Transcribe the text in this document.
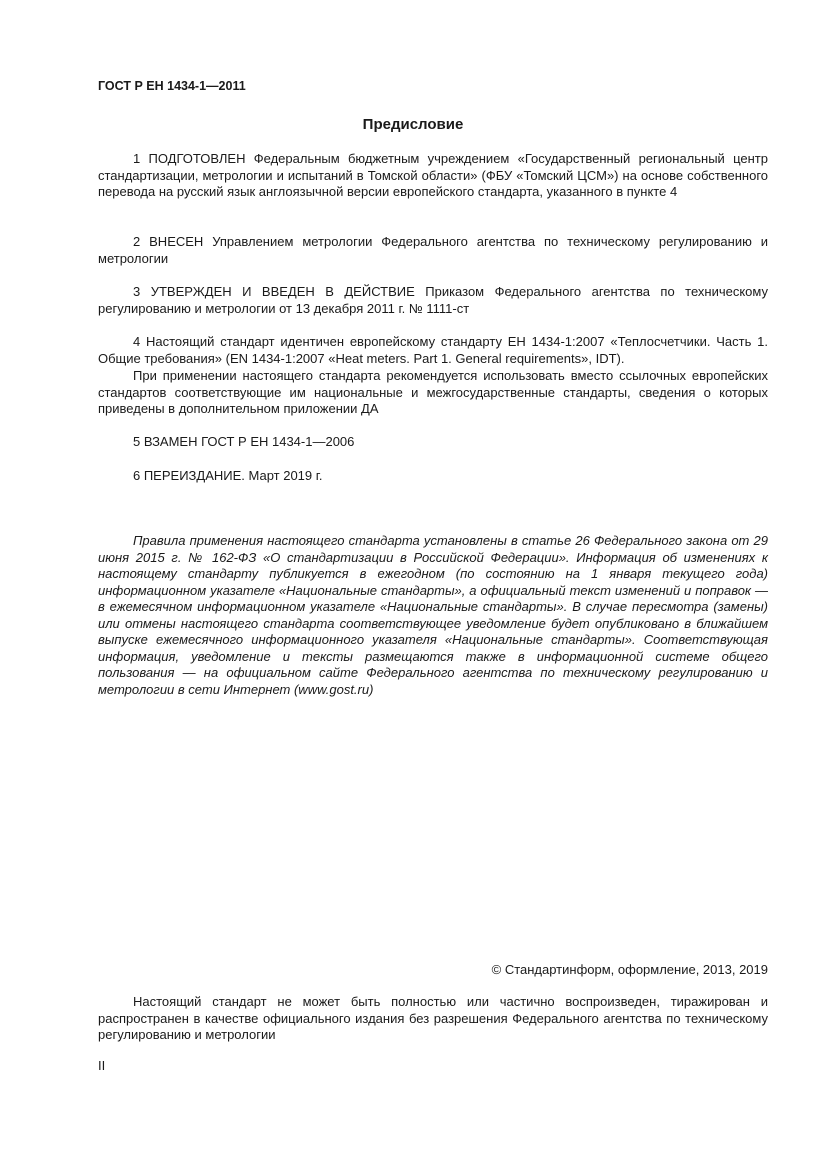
ГОСТ Р ЕН 1434-1—2011
Предисловие

1 ПОДГОТОВЛЕН Федеральным бюджетным учреждением «Государственный региональный центр стандартизации, метрологии и испытаний в Томской области» (ФБУ «Томский ЦСМ») на основе собственного перевода на русский язык англоязычной версии европейского стандарта, указанного в пункте 4

2 ВНЕСЕН Управлением метрологии Федерального агентства по техническому регулированию и метрологии

3 УТВЕРЖДЕН И ВВЕДЕН В ДЕЙСТВИЕ Приказом Федерального агентства по техническому регулированию и метрологии от 13 декабря 2011 г. № 1111-ст

4 Настоящий стандарт идентичен европейскому стандарту ЕН 1434-1:2007 «Теплосчетчики. Часть 1. Общие требования» (EN 1434-1:2007 «Heat meters. Part 1. General requirements», IDT).

При применении настоящего стандарта рекомендуется использовать вместо ссылочных европейских стандартов соответствующие им национальные и межгосударственные стандарты, сведения о которых приведены в дополнительном приложении ДА

5 ВЗАМЕН ГОСТ Р ЕН 1434-1—2006

6 ПЕРЕИЗДАНИЕ. Март 2019 г.

Правила применения настоящего стандарта установлены в статье 26 Федерального закона от 29 июня 2015 г. № 162-ФЗ «О стандартизации в Российской Федерации». Информация об изменениях к настоящему стандарту публикуется в ежегодном (по состоянию на 1 января текущего года) информационном указателе «Национальные стандарты», а официальный текст изменений и поправок — в ежемесячном информационном указателе «Национальные стандарты». В случае пересмотра (замены) или отмены настоящего стандарта соответствующее уведомление будет опубликовано в ближайшем выпуске ежемесячного информационного указателя «Национальные стандарты». Соответствующая информация, уведомление и тексты размещаются также в информационной системе общего пользования — на официальном сайте Федерального агентства по техническому регулированию и метрологии в сети Интернет (www.gost.ru)

© Стандартинформ, оформление, 2013, 2019

Настоящий стандарт не может быть полностью или частично воспроизведен, тиражирован и распространен в качестве официального издания без разрешения Федерального агентства по техническому регулированию и метрологии

II
